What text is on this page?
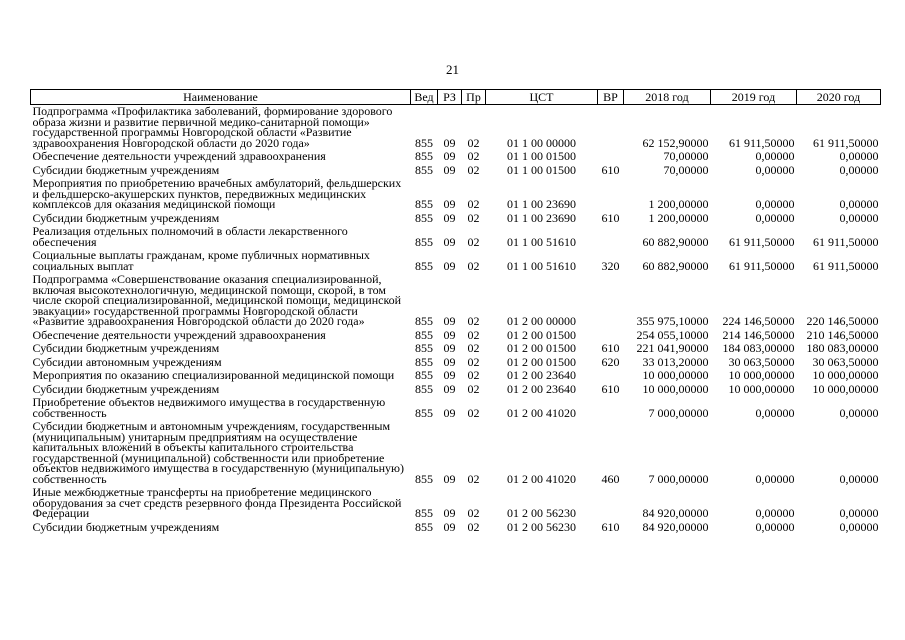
21
Наименование	Вед	РЗ	Пр	ЦСТ	ВР	2018 год	2019 год	2020 год
Подпрограмма «Профилактика заболеваний, формирование здорового образа жизни и развитие первичной медико-санитарной помощи» государственной программы Новгородской области «Развитие здравоохранения Новгородской области до 2020 года»	855	09	02	01 1 00 00000		62 152,90000	61 911,50000	61 911,50000
Обеспечение деятельности учреждений здравоохранения	855	09	02	01 1 00 01500		70,00000	0,00000	0,00000
Субсидии бюджетным учреждениям	855	09	02	01 1 00 01500	610	70,00000	0,00000	0,00000
Мероприятия по приобретению врачебных амбулаторий, фельдшерских и фельдшерско-акушерских пунктов, передвижных медицинских комплексов для оказания медицинской помощи	855	09	02	01 1 00 23690		1 200,00000	0,00000	0,00000
Субсидии бюджетным учреждениям	855	09	02	01 1 00 23690	610	1 200,00000	0,00000	0,00000
Реализация отдельных полномочий в области лекарственного обеспечения	855	09	02	01 1 00 51610		60 882,90000	61 911,50000	61 911,50000
Социальные выплаты гражданам, кроме публичных нормативных социальных выплат	855	09	02	01 1 00 51610	320	60 882,90000	61 911,50000	61 911,50000
Подпрограмма «Совершенствование оказания специализированной, включая высокотехнологичную, медицинской помощи, скорой, в том числе скорой специализированной, медицинской помощи, медицинской эвакуации» государственной программы Новгородской области «Развитие здравоохранения Новгородской области до 2020 года»	855	09	02	01 2 00 00000		355 975,10000	224 146,50000	220 146,50000
Обеспечение деятельности учреждений здравоохранения	855	09	02	01 2 00 01500		254 055,10000	214 146,50000	210 146,50000
Субсидии бюджетным учреждениям	855	09	02	01 2 00 01500	610	221 041,90000	184 083,00000	180 083,00000
Субсидии автономным учреждениям	855	09	02	01 2 00 01500	620	33 013,20000	30 063,50000	30 063,50000
Мероприятия по оказанию специализированной медицинской помощи	855	09	02	01 2 00 23640		10 000,00000	10 000,00000	10 000,00000
Субсидии бюджетным учреждениям	855	09	02	01 2 00 23640	610	10 000,00000	10 000,00000	10 000,00000
Приобретение объектов недвижимого имущества в государственную собственность	855	09	02	01 2 00 41020		7 000,00000	0,00000	0,00000
Субсидии бюджетным и автономным учреждениям, государственным (муниципальным) унитарным предприятиям на осуществление капитальных вложений в объекты капитального строительства государственной (муниципальной) собственности или приобретение объектов недвижимого имущества в государственную (муниципальную) собственность	855	09	02	01 2 00 41020	460	7 000,00000	0,00000	0,00000
Иные межбюджетные трансферты на приобретение медицинского оборудования за счет средств резервного фонда Президента Российской Федерации	855	09	02	01 2 00 56230		84 920,00000	0,00000	0,00000
Субсидии бюджетным учреждениям	855	09	02	01 2 00 56230	610	84 920,00000	0,00000	0,00000
